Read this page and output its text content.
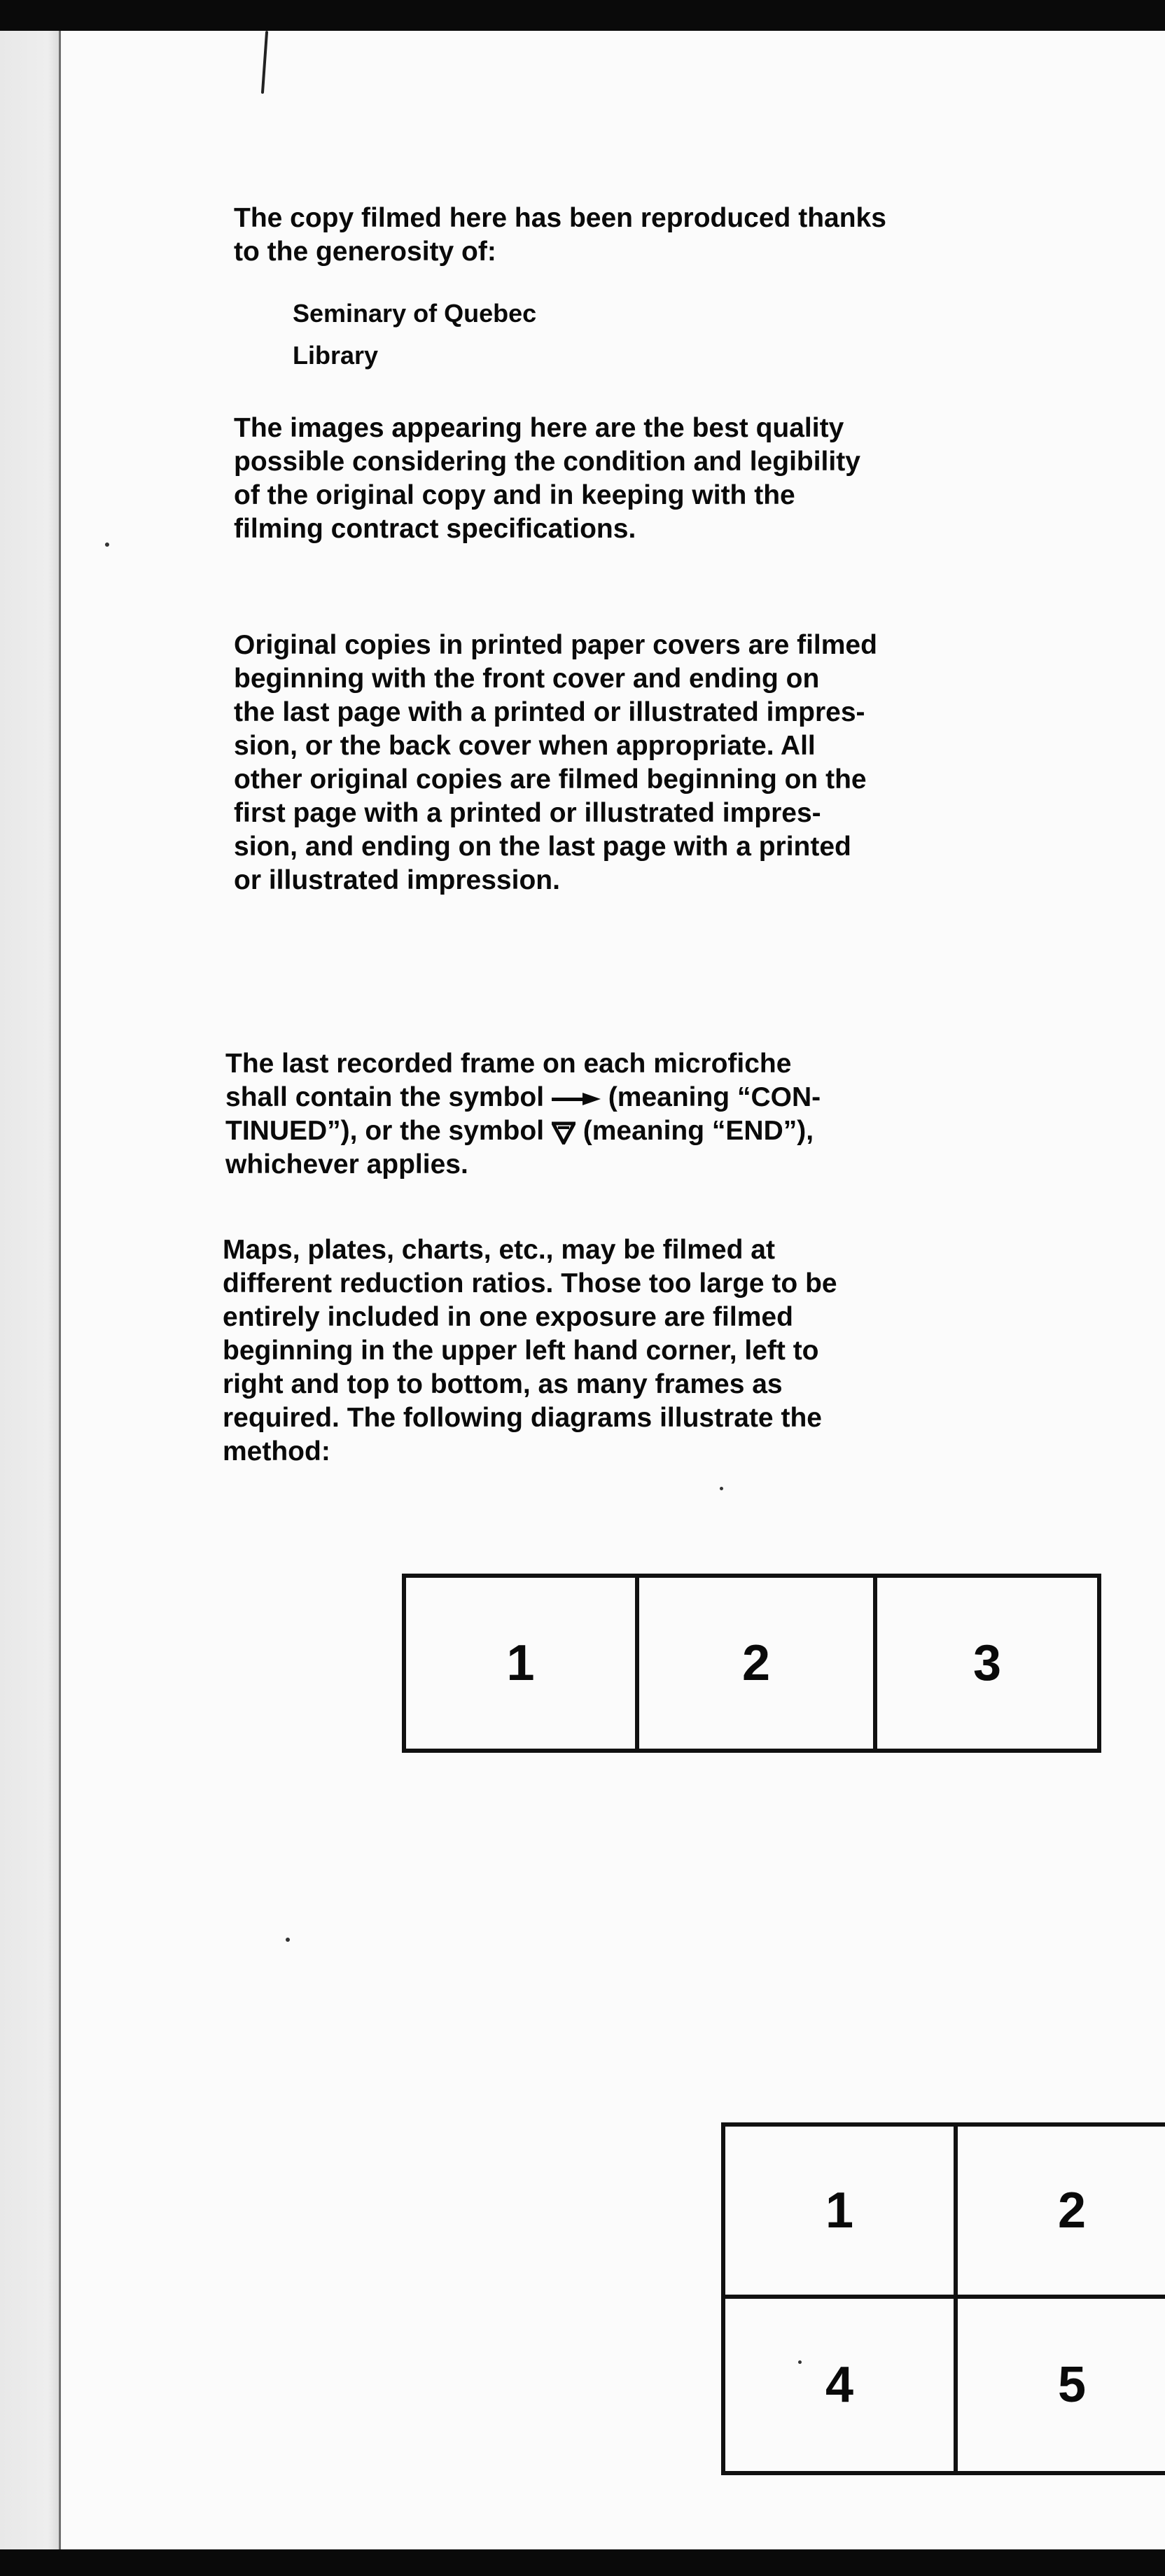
The copy filmed here has been reproduced thanks
to the generosity of:

Seminary of Quebec
Library

The images appearing here are the best quality
possible considering the condition and legibility
of the original copy and in keeping with the
filming contract specifications.

Original copies in printed paper covers are filmed
beginning with the front cover and ending on
the last page with a printed or illustrated impres-
sion, or the back cover when appropriate. All
other original copies are filmed beginning on the
first page with a printed or illustrated impres-
sion, and ending on the last page with a printed
or illustrated impression.

The last recorded frame on each microfiche
shall contain the symbol (meaning “CON-
TINUED”), or the symbol (meaning “END”),
whichever applies.

Maps, plates, charts, etc., may be filmed at
different reduction ratios. Those too large to be
entirely included in one exposure are filmed
beginning in the upper left hand corner, left to
right and top to bottom, as many frames as
required. The following diagrams illustrate the
method:

1	2	3
1	2
4	5
